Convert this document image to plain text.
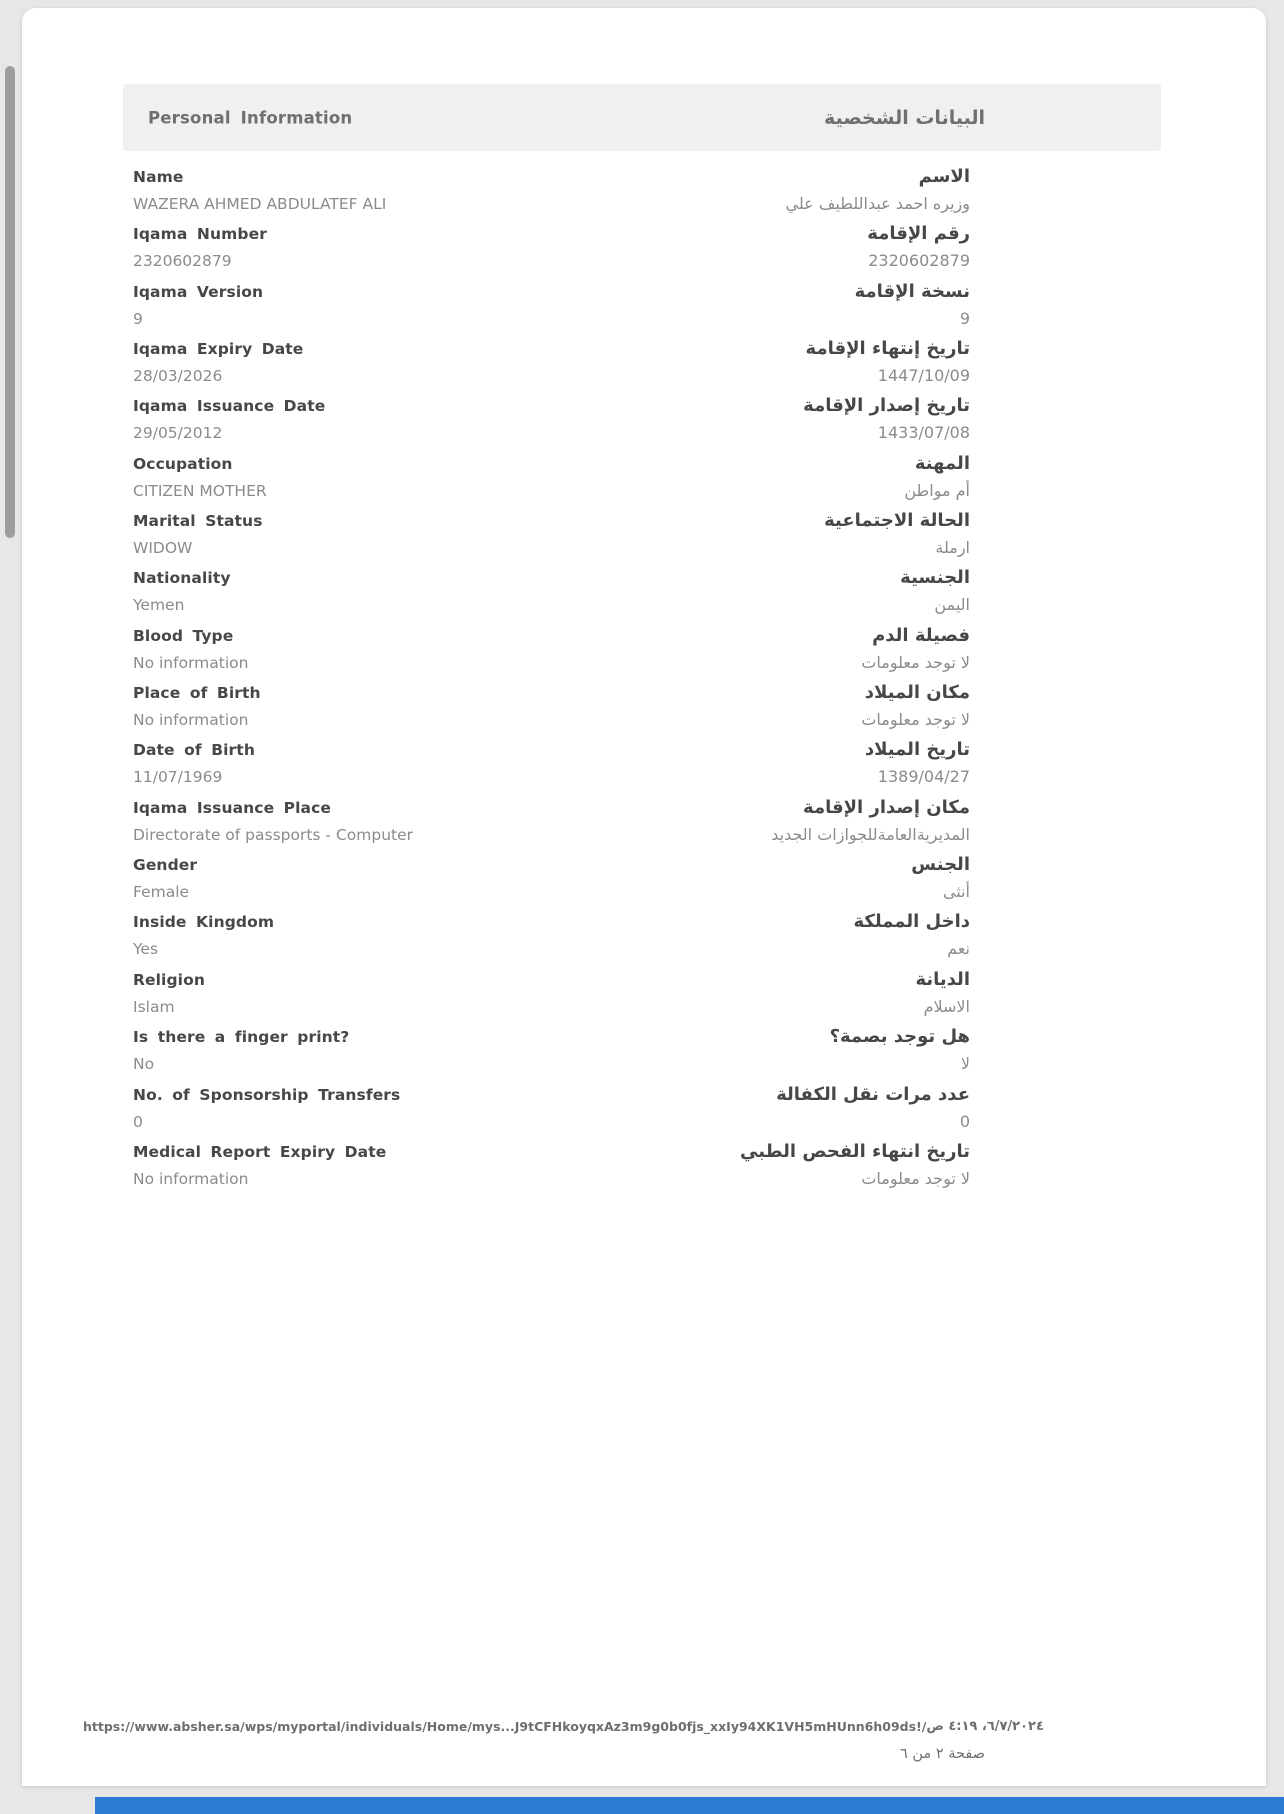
Personal Information	البيانات الشخصية
Name	الاسم
WAZERA AHMED ABDULATEF ALI	وزيره احمد عبداللطيف علي
Iqama Number	رقم الإقامة
2320602879	2320602879
Iqama Version	نسخة الإقامة
9	9
Iqama Expiry Date	تاريخ إنتهاء الإقامة
28/03/2026	1447/10/09
Iqama Issuance Date	تاريخ إصدار الإقامة
29/05/2012	1433/07/08
Occupation	المهنة
CITIZEN MOTHER	أم مواطن
Marital Status	الحالة الاجتماعية
WIDOW	ارملة
Nationality	الجنسية
Yemen	اليمن
Blood Type	فصيلة الدم
No information	لا توجد معلومات
Place of Birth	مكان الميلاد
No information	لا توجد معلومات
Date of Birth	تاريخ الميلاد
11/07/1969	1389/04/27
Iqama Issuance Place	مكان إصدار الإقامة
Directorate of passports - Computer	المديريةالعامةللجوازات الجديد
Gender	الجنس
Female	أنثى
Inside Kingdom	داخل المملكة
Yes	نعم
Religion	الديانة
Islam	الاسلام
Is there a finger print?	هل توجد بصمة؟
No	لا
No. of Sponsorship Transfers	عدد مرات نقل الكفالة
0	0
Medical Report Expiry Date	تاريخ انتهاء الفحص الطبي
No information	لا توجد معلومات
https://www.absher.sa/wps/myportal/individuals/Home/mys...J9tCFHkoyqxAz3m9g0b0fjs_xxIy94XK1VH5mHUnn6h09ds!/ ٦/٧/٢٠٢٤، ٤:١٩ ص
صفحة ٢ من ٦
